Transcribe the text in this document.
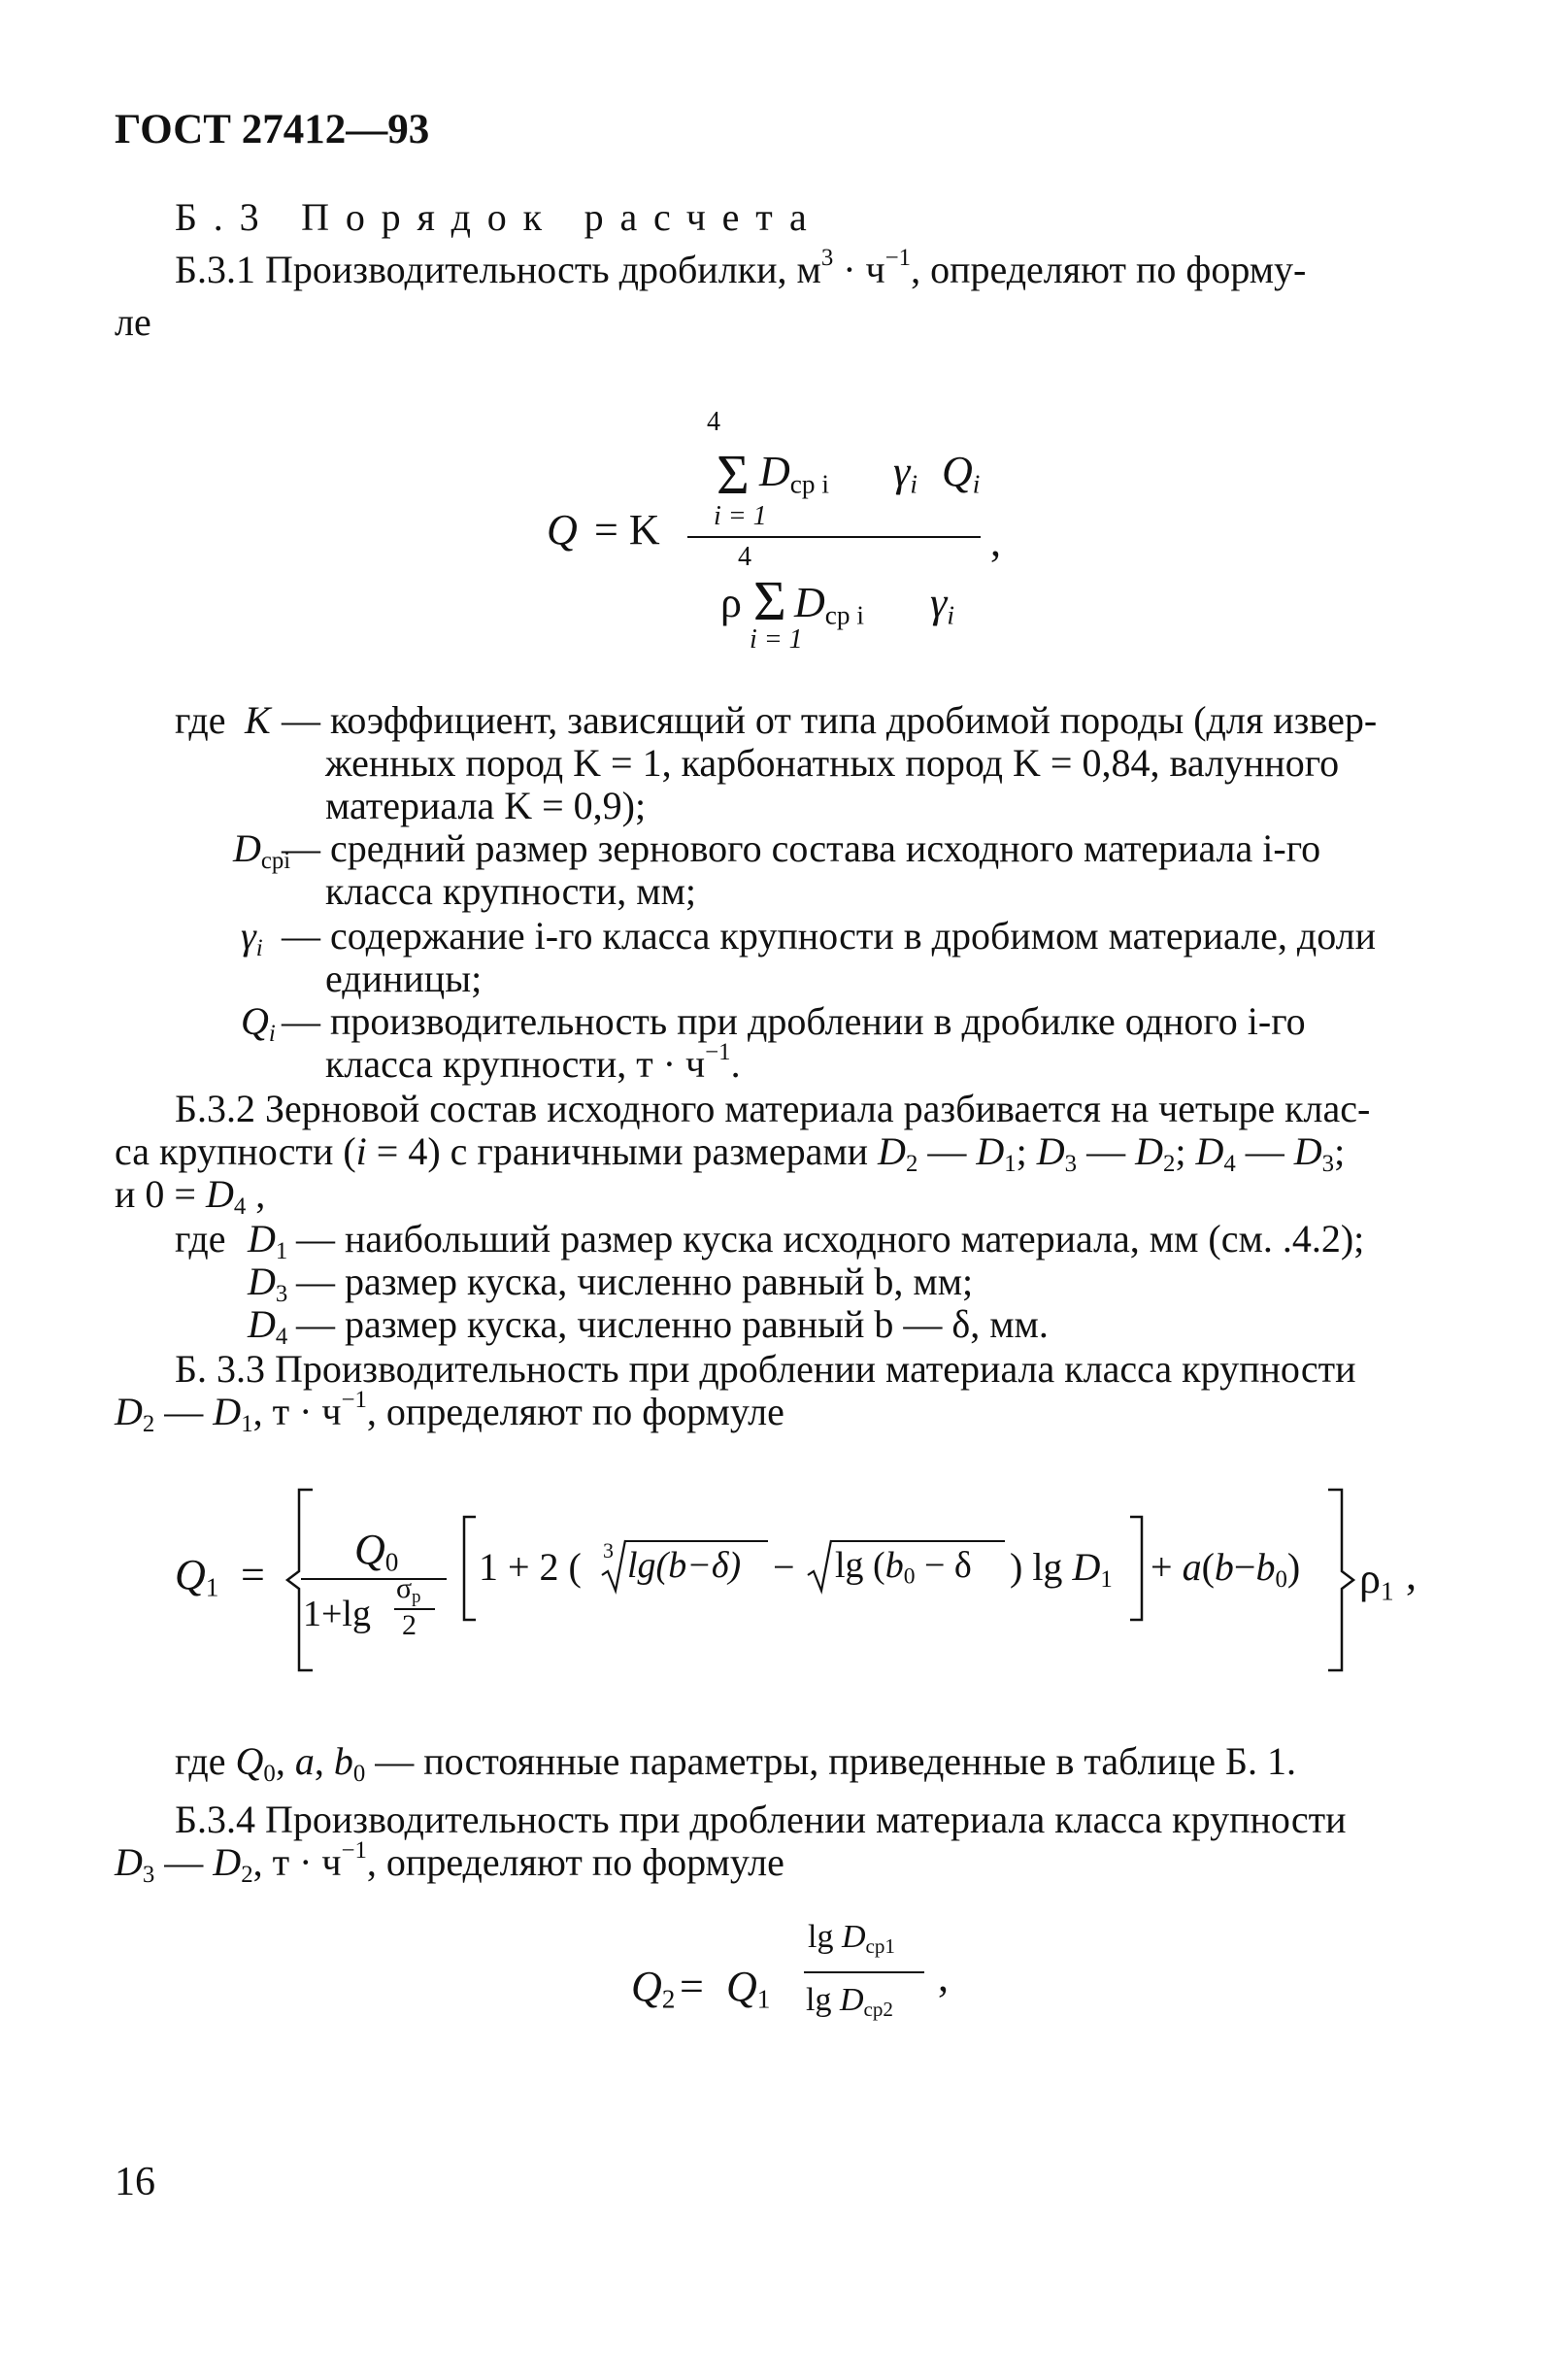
ГОСТ 27412—93
Б.3 Порядок расчета
Б.3.1 Производительность дробилки, $м^3 \cdot ч^{-1}$, определяют по форму-
ле
4
Σ $D_{ср i}$ $\gamma_i$ $Q_i$
i = 1
Q = K	,
4
ρ Σ $D_{ср i}$ $\gamma_i$
i = 1
где K — коэффициент, зависящий от типа дробимой породы (для извер-
женных пород K = 1, карбонатных пород K = 0,84, валунного
материала K = 0,9);
$D_{срi}$
— средний размер зернового состава исходного материала i-го
класса крупности, мм;
$\gamma_i$ — содержание i-го класса крупности в дробимом материале, доли
единицы;
$Q_i$ — производительность при дроблении в дробилке одного i-го
класса крупности, $т \cdot ч^{-1}$.
Б.3.2 Зерновой состав исходного материала разбивается на четыре клас-
са крупности (i = 4) с граничными размерами $D_2$ — $D_1$; $D_3$ — $D_2$; $D_4$ — $D_3$;
и $0 = D_4$ ,
где $D_1$ — наибольший размер куска исходного материала, мм (см. .4.2);
$D_3$ — размер куска, численно равный b, мм;
$D_4$ — размер куска, численно равный b — δ, мм.
Б. 3.3 Производительность при дроблении материала класса крупности
$D_2$ — $D_1$, $т \cdot ч^{-1}$, определяют по формуле
$Q_1$ =
$Q_0$
1+lg
$\sigma_p$
2
1 + 2 ( 3 $\lg(b-\delta) - \lg (b_0 - \delta$ ) $\lg D_1 + a(b-b_0)$ $\rho_1$ ,
где $Q_0$, a, $b_0$ — постоянные параметры, приведенные в таблице Б. 1.
Б.3.4 Производительность при дроблении материала класса крупности
$D_3$ — $D_2$, $т \cdot ч^{-1}$, определяют по формуле
$Q_2 = Q_1$
$\lg D_{ср1}$
$\lg D_{ср2}$
,
16
